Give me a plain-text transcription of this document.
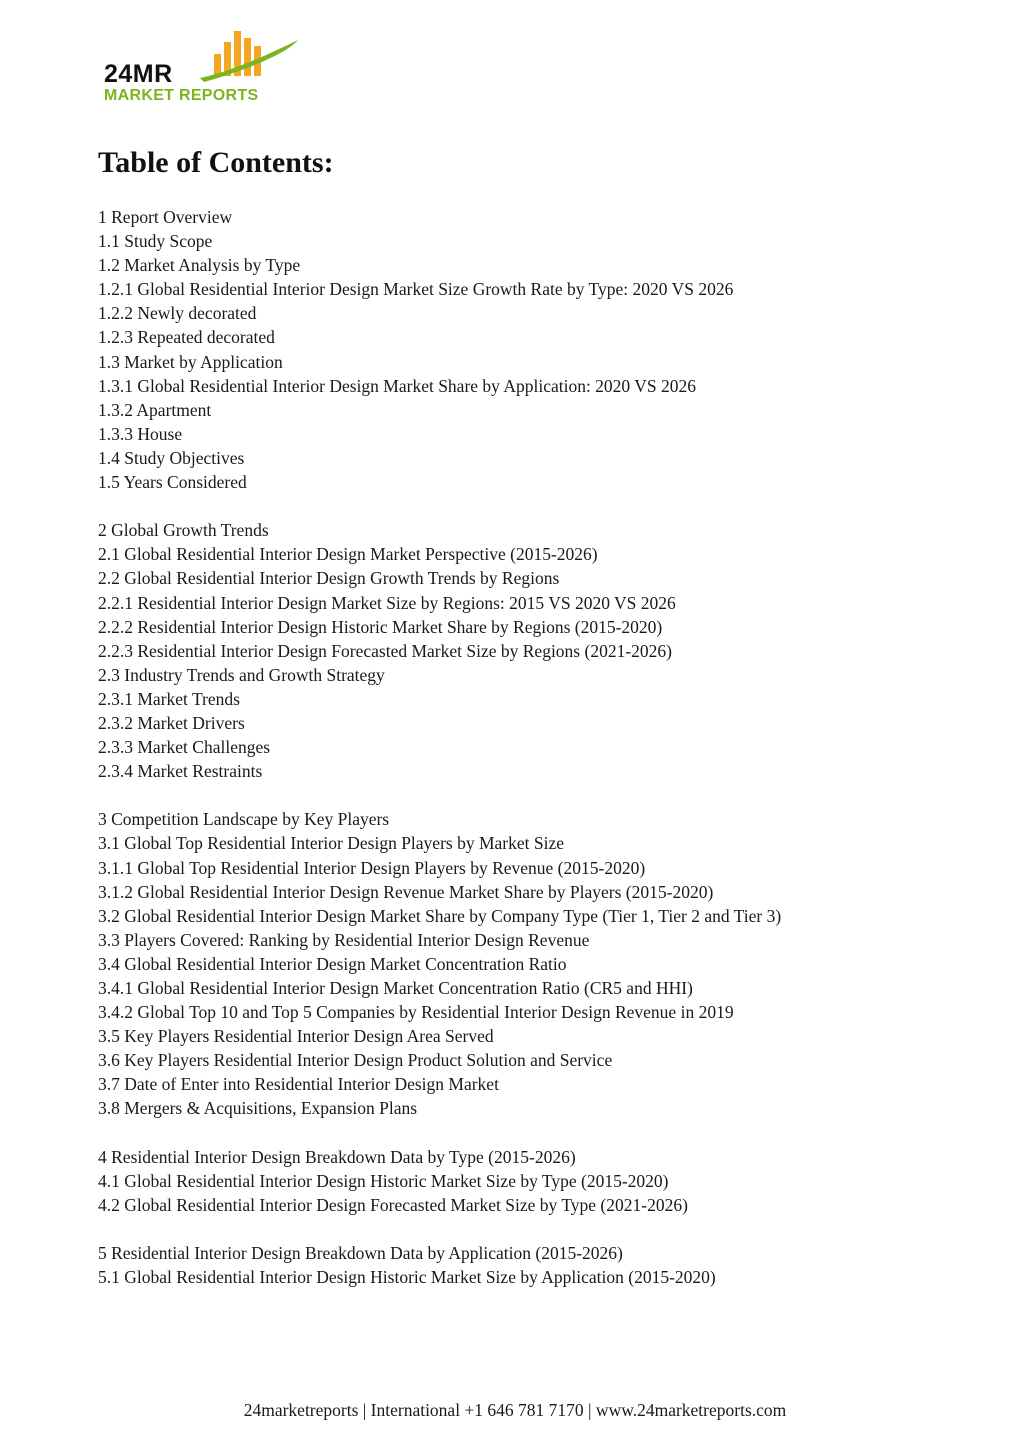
24MR
MARKET REPORTS
Table of Contents:
1 Report Overview
1.1 Study Scope
1.2 Market Analysis by Type
1.2.1 Global Residential Interior Design Market Size Growth Rate by Type: 2020 VS 2026
1.2.2 Newly decorated
1.2.3 Repeated decorated
1.3 Market by Application
1.3.1 Global Residential Interior Design Market Share by Application: 2020 VS 2026
1.3.2 Apartment
1.3.3 House
1.4 Study Objectives
1.5 Years Considered
2 Global Growth Trends
2.1 Global Residential Interior Design Market Perspective (2015-2026)
2.2 Global Residential Interior Design Growth Trends by Regions
2.2.1 Residential Interior Design Market Size by Regions: 2015 VS 2020 VS 2026
2.2.2 Residential Interior Design Historic Market Share by Regions (2015-2020)
2.2.3 Residential Interior Design Forecasted Market Size by Regions (2021-2026)
2.3 Industry Trends and Growth Strategy
2.3.1 Market Trends
2.3.2 Market Drivers
2.3.3 Market Challenges
2.3.4 Market Restraints
3 Competition Landscape by Key Players
3.1 Global Top Residential Interior Design Players by Market Size
3.1.1 Global Top Residential Interior Design Players by Revenue (2015-2020)
3.1.2 Global Residential Interior Design Revenue Market Share by Players (2015-2020)
3.2 Global Residential Interior Design Market Share by Company Type (Tier 1, Tier 2 and Tier 3)
3.3 Players Covered: Ranking by Residential Interior Design Revenue
3.4 Global Residential Interior Design Market Concentration Ratio
3.4.1 Global Residential Interior Design Market Concentration Ratio (CR5 and HHI)
3.4.2 Global Top 10 and Top 5 Companies by Residential Interior Design Revenue in 2019
3.5 Key Players Residential Interior Design Area Served
3.6 Key Players Residential Interior Design Product Solution and Service
3.7 Date of Enter into Residential Interior Design Market
3.8 Mergers & Acquisitions, Expansion Plans
4 Residential Interior Design Breakdown Data by Type (2015-2026)
4.1 Global Residential Interior Design Historic Market Size by Type (2015-2020)
4.2 Global Residential Interior Design Forecasted Market Size by Type (2021-2026)
5 Residential Interior Design Breakdown Data by Application (2015-2026)
5.1 Global Residential Interior Design Historic Market Size by Application (2015-2020)
24marketreports | International +1 646 781 7170 | www.24marketreports.com
